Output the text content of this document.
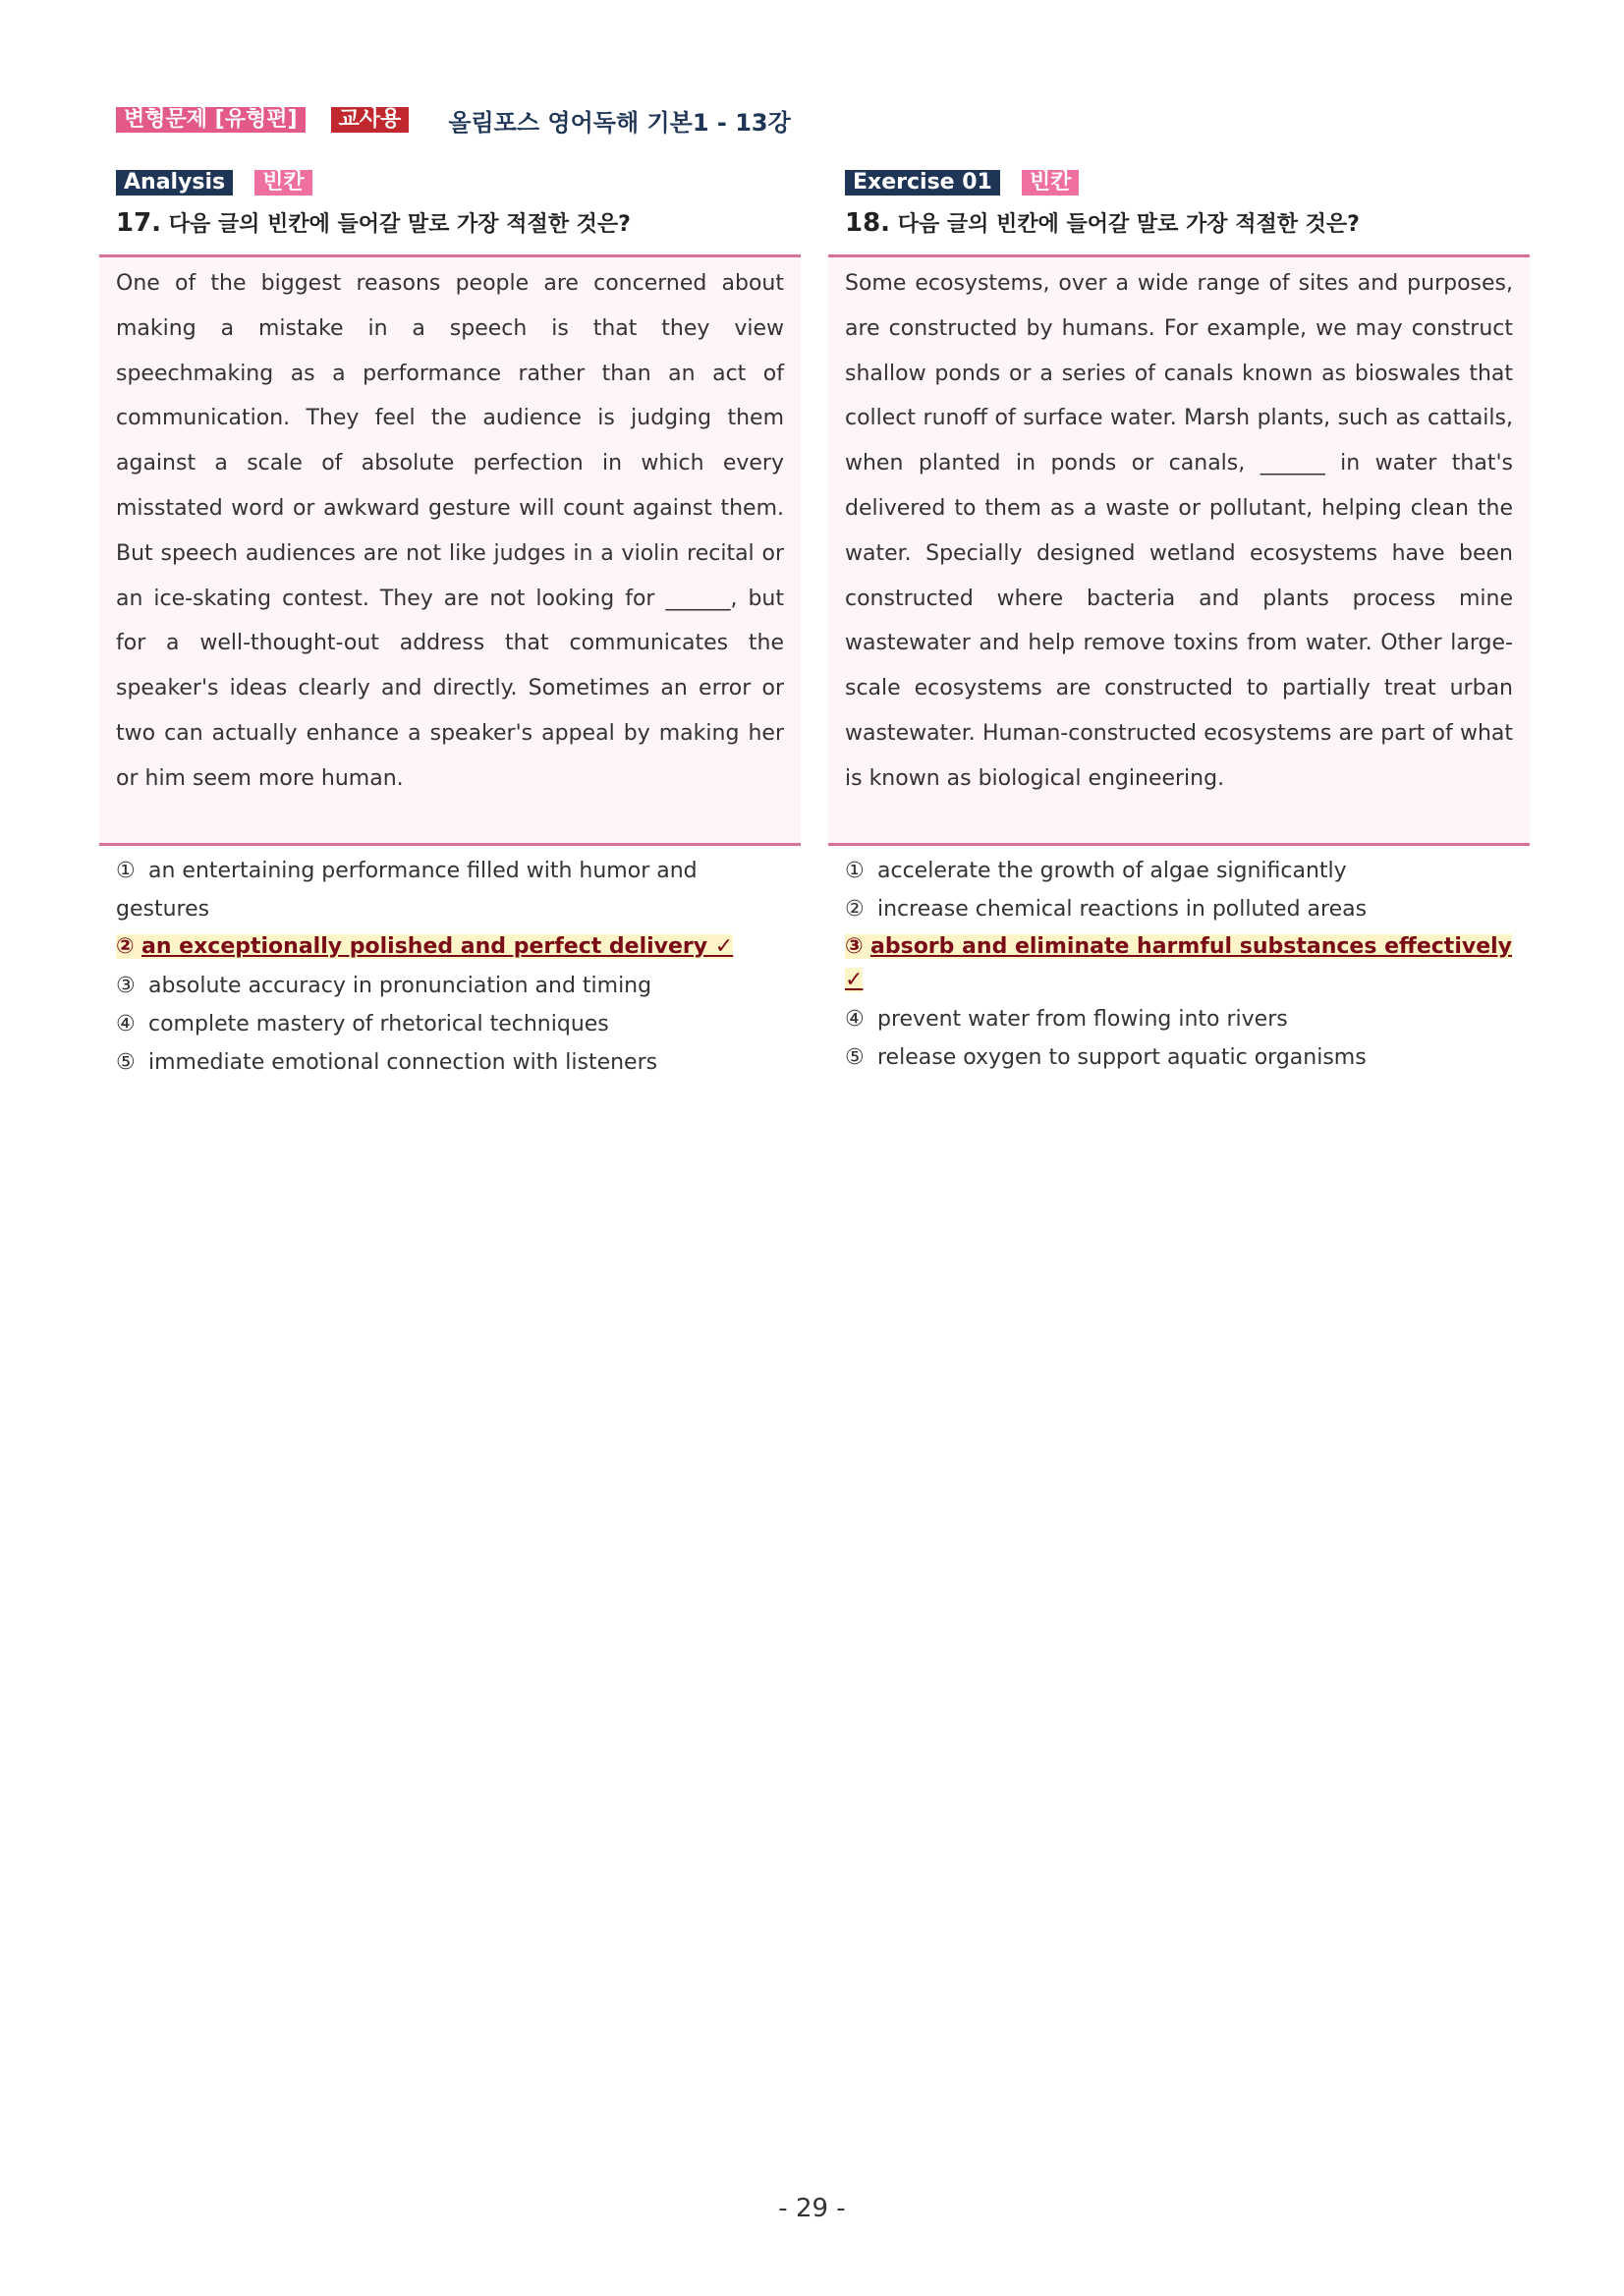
변형문제 [유형편]	교사용	올림포스 영어독해 기본1 - 13강
Analysis	빈칸
17. 다음 글의 빈칸에 들어갈 말로 가장 적절한 것은?
One of the biggest reasons people are concerned about making a mistake in a speech is that they view speechmaking as a performance rather than an act of communication. They feel the audience is judging them against a scale of absolute perfection in which every misstated word or awkward gesture will count against them. But speech audiences are not like judges in a violin recital or an ice-skating contest. They are not looking for ______, but for a well-thought-out address that communicates the speaker's ideas clearly and directly. Sometimes an error or two can actually enhance a speaker's appeal by making her or him seem more human.
① an entertaining performance filled with humor and gestures
② an exceptionally polished and perfect delivery ✓
③ absolute accuracy in pronunciation and timing
④ complete mastery of rhetorical techniques
⑤ immediate emotional connection with listeners
Exercise 01	빈칸
18. 다음 글의 빈칸에 들어갈 말로 가장 적절한 것은?
Some ecosystems, over a wide range of sites and purposes, are constructed by humans. For example, we may construct shallow ponds or a series of canals known as bioswales that collect runoff of surface water. Marsh plants, such as cattails, when planted in ponds or canals, ______ in water that's delivered to them as a waste or pollutant, helping clean the water. Specially designed wetland ecosystems have been constructed where bacteria and plants process mine wastewater and help remove toxins from water. Other large-scale ecosystems are constructed to partially treat urban wastewater. Human-constructed ecosystems are part of what is known as biological engineering.
① accelerate the growth of algae significantly
② increase chemical reactions in polluted areas
③ absorb and eliminate harmful substances effectively ✓
④ prevent water from flowing into rivers
⑤ release oxygen to support aquatic organisms
- 29 -
